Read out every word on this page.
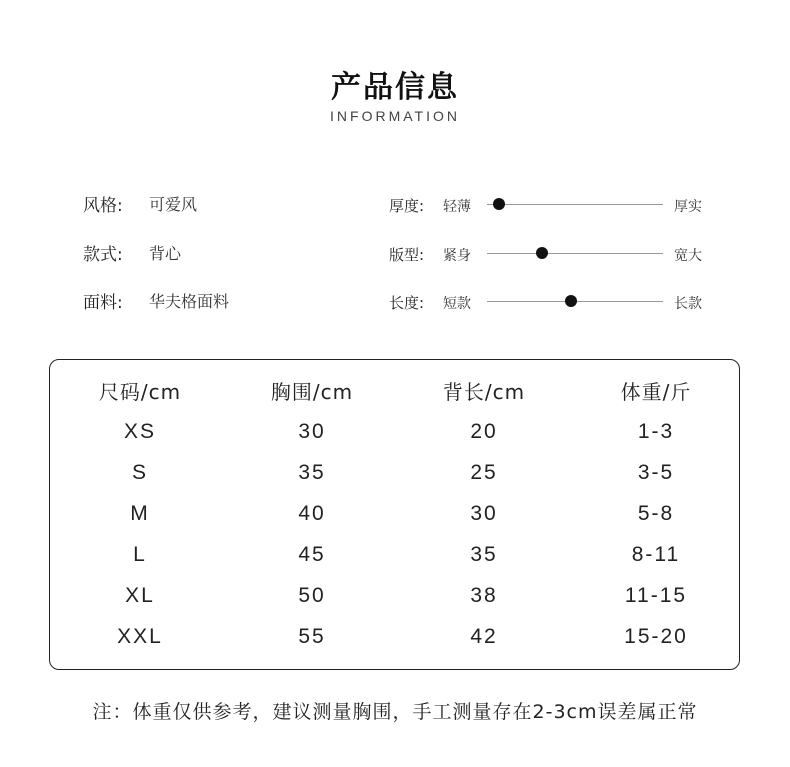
产品信息
INFORMATION
风格:	可爱风
款式:	背心
面料:	华夫格面料
厚度: 轻薄	厚实
版型: 紧身	宽大
长度: 短款	长款
尺码/cm	胸围/cm	背长/cm	体重/斤
XS	30	20	1-3
S	35	25	3-5
M	40	30	5-8
L	45	35	8-11
XL	50	38	11-15
XXL	55	42	15-20
注：体重仅供参考，建议测量胸围，手工测量存在2-3cm误差属正常
